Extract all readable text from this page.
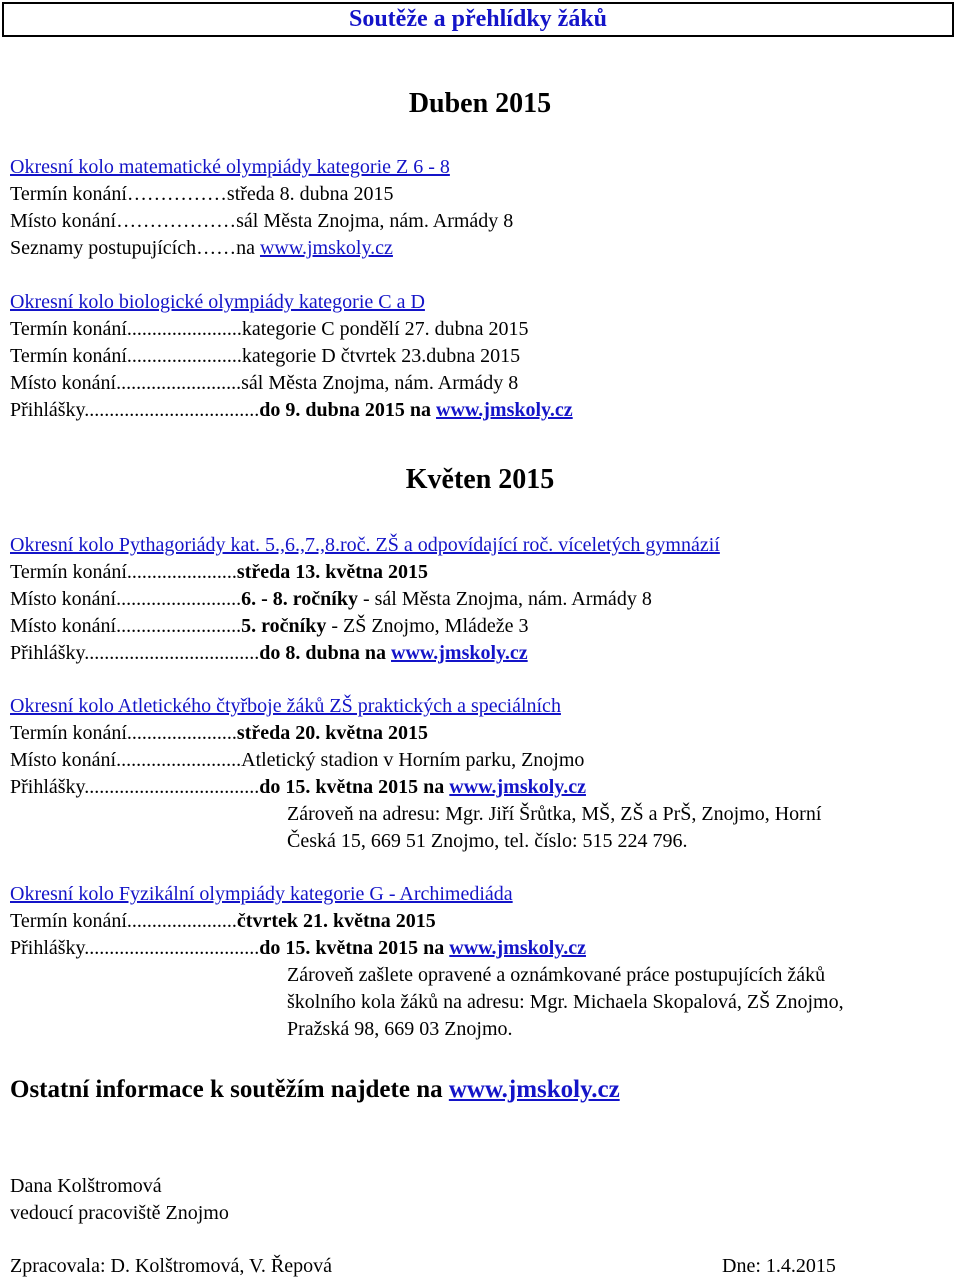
Soutěže a přehlídky žáků
Duben 2015
Okresní kolo matematické olympiády kategorie Z 6 - 8
Termín konání……………středa 8. dubna 2015
Místo konání………………sál Města Znojma, nám. Armády 8
Seznamy postupujících……na www.jmskoly.cz
Okresní kolo biologické olympiády kategorie C a D
Termín konání.......................kategorie C pondělí 27. dubna 2015
Termín konání.......................kategorie D čtvrtek 23.dubna 2015
Místo konání.........................sál Města Znojma, nám. Armády 8
Přihlášky...................................do 9. dubna 2015 na www.jmskoly.cz
Květen 2015
Okresní kolo Pythagoriády kat. 5.,6.,7.,8.roč. ZŠ a odpovídající roč. víceletých gymnázií
Termín konání......................středa 13. května 2015
Místo konání.........................6. - 8. ročníky - sál Města Znojma, nám. Armády 8
Místo konání.........................5. ročníky - ZŠ Znojmo, Mládeže 3
Přihlášky...................................do 8. dubna na www.jmskoly.cz
Okresní kolo Atletického čtyřboje žáků ZŠ praktických a speciálních
Termín konání......................středa 20. května 2015
Místo konání.........................Atletický stadion v Horním parku, Znojmo
Přihlášky...................................do 15. května 2015 na www.jmskoly.cz
Zároveň na adresu: Mgr. Jiří Šrůtka, MŠ, ZŠ a PrŠ, Znojmo, Horní
Česká 15, 669 51 Znojmo, tel. číslo: 515 224 796.
Okresní kolo Fyzikální olympiády kategorie G - Archimediáda
Termín konání......................čtvrtek 21. května 2015
Přihlášky...................................do 15. května 2015 na www.jmskoly.cz
Zároveň zašlete opravené a oznámkované práce postupujících žáků
školního kola žáků na adresu: Mgr. Michaela Skopalová, ZŠ Znojmo,
Pražská 98, 669 03 Znojmo.
Ostatní informace k soutěžím najdete na www.jmskoly.cz
Dana Kolštromová
vedoucí pracoviště Znojmo
Zpracovala: D. Kolštromová, V. Řepová	Dne: 1.4.2015
